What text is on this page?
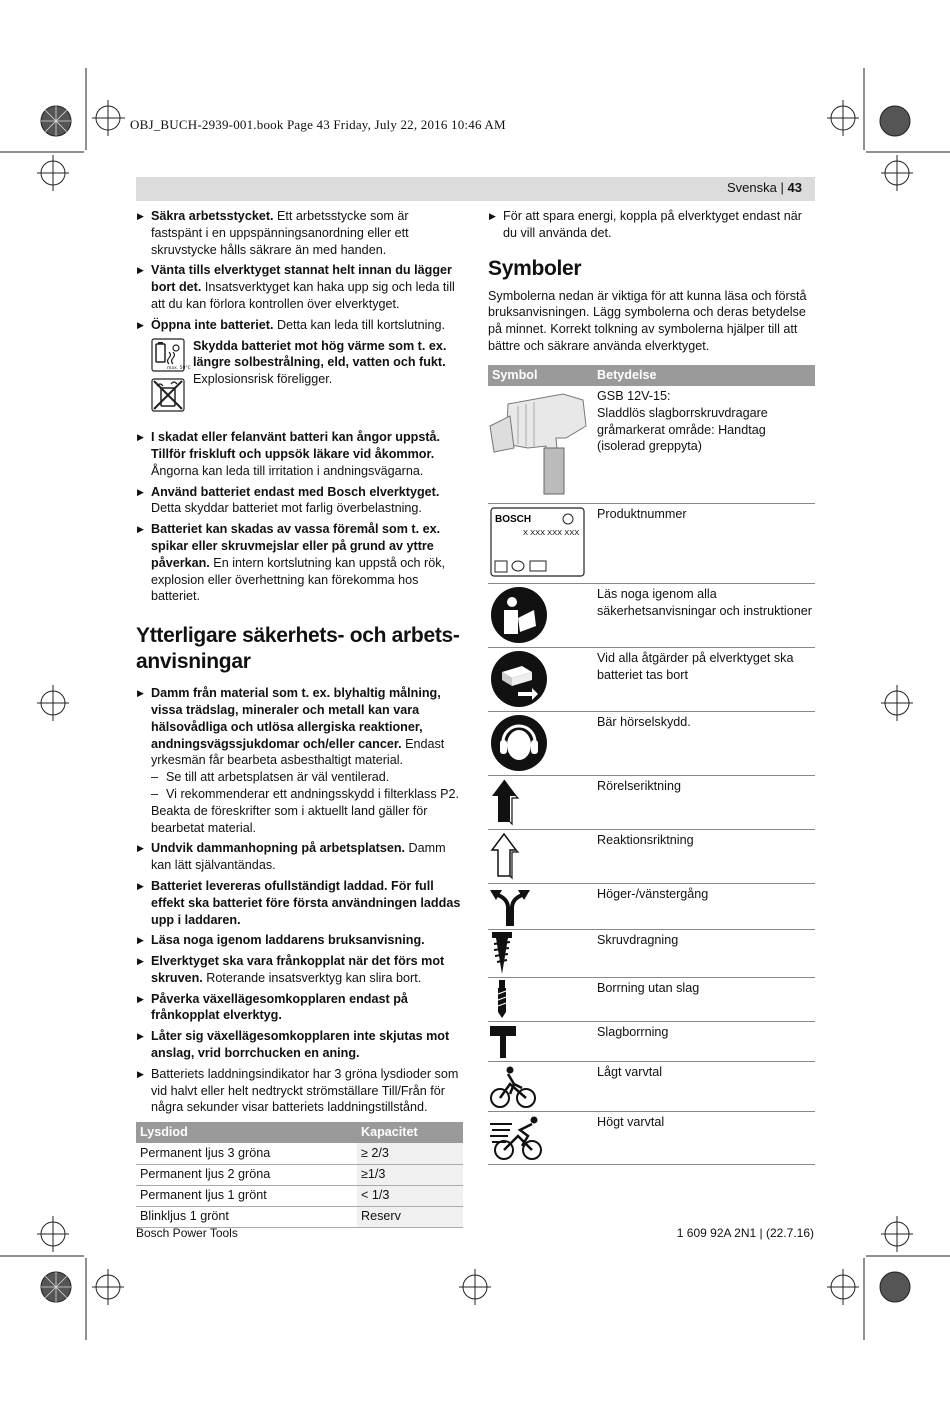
OBJ_BUCH-2939-001.book Page 43 Friday, July 22, 2016 10:46 AM
Svenska | 43
▶ Säkra arbetsstycket. Ett arbetsstycke som är fastspänt i en uppspänningsanordning eller ett skruvstycke hålls säkrare än med handen.
▶ Vänta tills elverktyget stannat helt innan du lägger bort det. Insatsverktyget kan haka upp sig och leda till att du kan förlora kontrollen över elverktyget.
▶ Öppna inte batteriet. Detta kan leda till kortslutning.
max. 50°C

Skydda batteriet mot hög värme som t. ex. längre solbestrålning, eld, vatten och fukt.
Explosionsrisk föreligger.
▶ I skadat eller felanvänt batteri kan ångor uppstå. Tillför friskluft och uppsök läkare vid åkommor. Ångorna kan leda till irritation i andningsvägarna.
▶ Använd batteriet endast med Bosch elverktyget. Detta skyddar batteriet mot farlig överbelastning.
▶ Batteriet kan skadas av vassa föremål som t. ex. spikar eller skruvmejslar eller på grund av yttre påverkan. En intern kortslutning kan uppstå och rök, explosion eller överhettning kan förekomma hos batteriet.
Ytterligare säkerhets- och arbets-
anvisningar
▶ Damm från material som t. ex. blyhaltig målning, vissa trädslag, mineraler och metall kan vara hälsovådliga och utlösa allergiska reaktioner, andningsvägssjukdomar och/eller cancer. Endast yrkesmän får bearbeta asbesthaltigt material.
– Se till att arbetsplatsen är väl ventilerad.
– Vi rekommenderar ett andningsskydd i filterklass P2.
Beakta de föreskrifter som i aktuellt land gäller för bearbetat material.
▶ Undvik dammanhopning på arbetsplatsen. Damm kan lätt självantändas.
▶ Batteriet levereras ofullständigt laddad. För full effekt ska batteriet före första användningen laddas upp i laddaren.
▶ Läsa noga igenom laddarens bruksanvisning.
▶ Elverktyget ska vara frånkopplat när det förs mot skruven. Roterande insatsverktyg kan slira bort.
▶ Påverka växellägesomkopplaren endast på frånkopplat elverktyg.
▶ Låter sig växellägesomkopplaren inte skjutas mot anslag, vrid borrchucken en aning.
▶ Batteriets laddningsindikator har 3 gröna lysdioder som vid halvt eller helt nedtryckt strömställare Till/Från för några sekunder visar batteriets laddningstillstånd.
Lysdiod	Kapacitet
Permanent ljus 3 gröna	≥ 2/3
Permanent ljus 2 gröna	≥1/3
Permanent ljus 1 grönt	< 1/3
Blinkljus 1 grönt	Reserv
▶ För att spara energi, koppla på elverktyget endast när du vill använda det.
Symboler

Symbolerna nedan är viktiga för att kunna läsa och förstå bruksanvisningen. Lägg symbolerna och deras betydelse på minnet. Korrekt tolkning av symbolerna hjälper till att bättre och säkrare använda elverktyget.

Symbol	Betydelse
GSB 12V-15:
Sladdlös slagborrskruvdragare
gråmarkerat område: Handtag (isolerad greppyta)
BOSCH
X XXX XXX XXX
Produktnummer
Läs noga igenom alla säkerhetsanvisningar och instruktioner
Vid alla åtgärder på elverktyget ska batteriet tas bort
Bär hörselskydd.
Rörelseriktning
Reaktionsriktning
Höger-/vänstergång
Skruvdragning
Borrning utan slag
Slagborrning
Lågt varvtal
Högt varvtal
Bosch Power Tools	1 609 92A 2N1 | (22.7.16)
